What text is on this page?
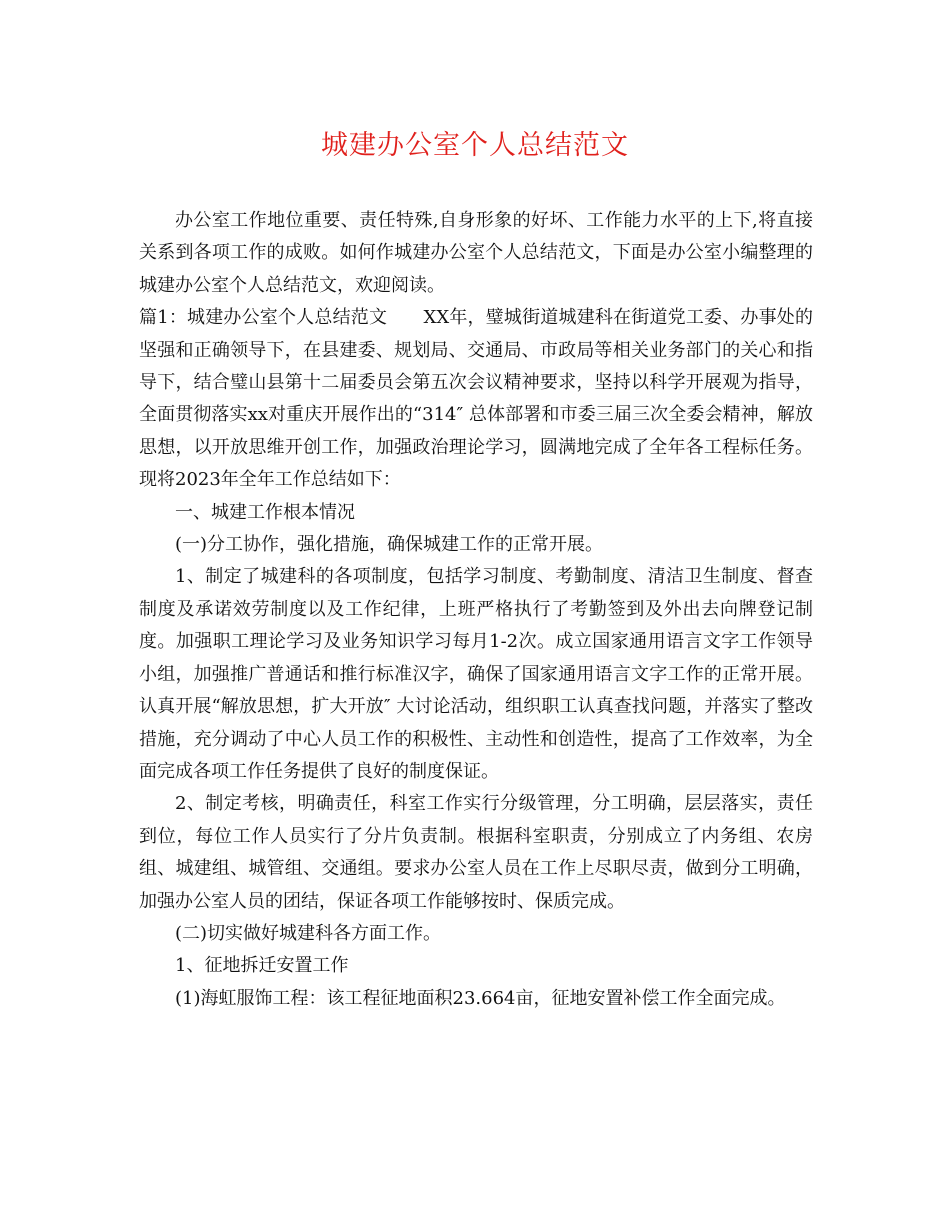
城建办公室个人总结范文

办公室工作地位重要、责任特殊,自身形象的好坏、工作能力水平的上下,将直接关系到各项工作的成败。如何作城建办公室个人总结范文，下面是办公室小编整理的城建办公室个人总结范文，欢迎阅读。

篇1：城建办公室个人总结范文　　XX年，璧城街道城建科在街道党工委、办事处的坚强和正确领导下，在县建委、规划局、交通局、市政局等相关业务部门的关心和指导下，结合璧山县第十二届委员会第五次会议精神要求，坚持以科学开展观为指导，全面贯彻落实xx对重庆开展作出的“314″ 总体部署和市委三届三次全委会精神，解放思想，以开放思维开创工作，加强政治理论学习，圆满地完成了全年各工程标任务。现将2023年全年工作总结如下：

一、城建工作根本情况

(一)分工协作，强化措施，确保城建工作的正常开展。

1、制定了城建科的各项制度，包括学习制度、考勤制度、清洁卫生制度、督查制度及承诺效劳制度以及工作纪律，上班严格执行了考勤签到及外出去向牌登记制度。加强职工理论学习及业务知识学习每月1-2次。成立国家通用语言文字工作领导小组，加强推广普通话和推行标准汉字，确保了国家通用语言文字工作的正常开展。认真开展“解放思想，扩大开放″ 大讨论活动，组织职工认真查找问题，并落实了整改措施，充分调动了中心人员工作的积极性、主动性和创造性，提高了工作效率，为全面完成各项工作任务提供了良好的制度保证。

2、制定考核，明确责任，科室工作实行分级管理，分工明确，层层落实，责任到位，每位工作人员实行了分片负责制。根据科室职责，分别成立了内务组、农房组、城建组、城管组、交通组。要求办公室人员在工作上尽职尽责，做到分工明确，加强办公室人员的团结，保证各项工作能够按时、保质完成。

(二)切实做好城建科各方面工作。

1、征地拆迁安置工作

(1)海虹服饰工程：该工程征地面积23.664亩，征地安置补偿工作全面完成。
